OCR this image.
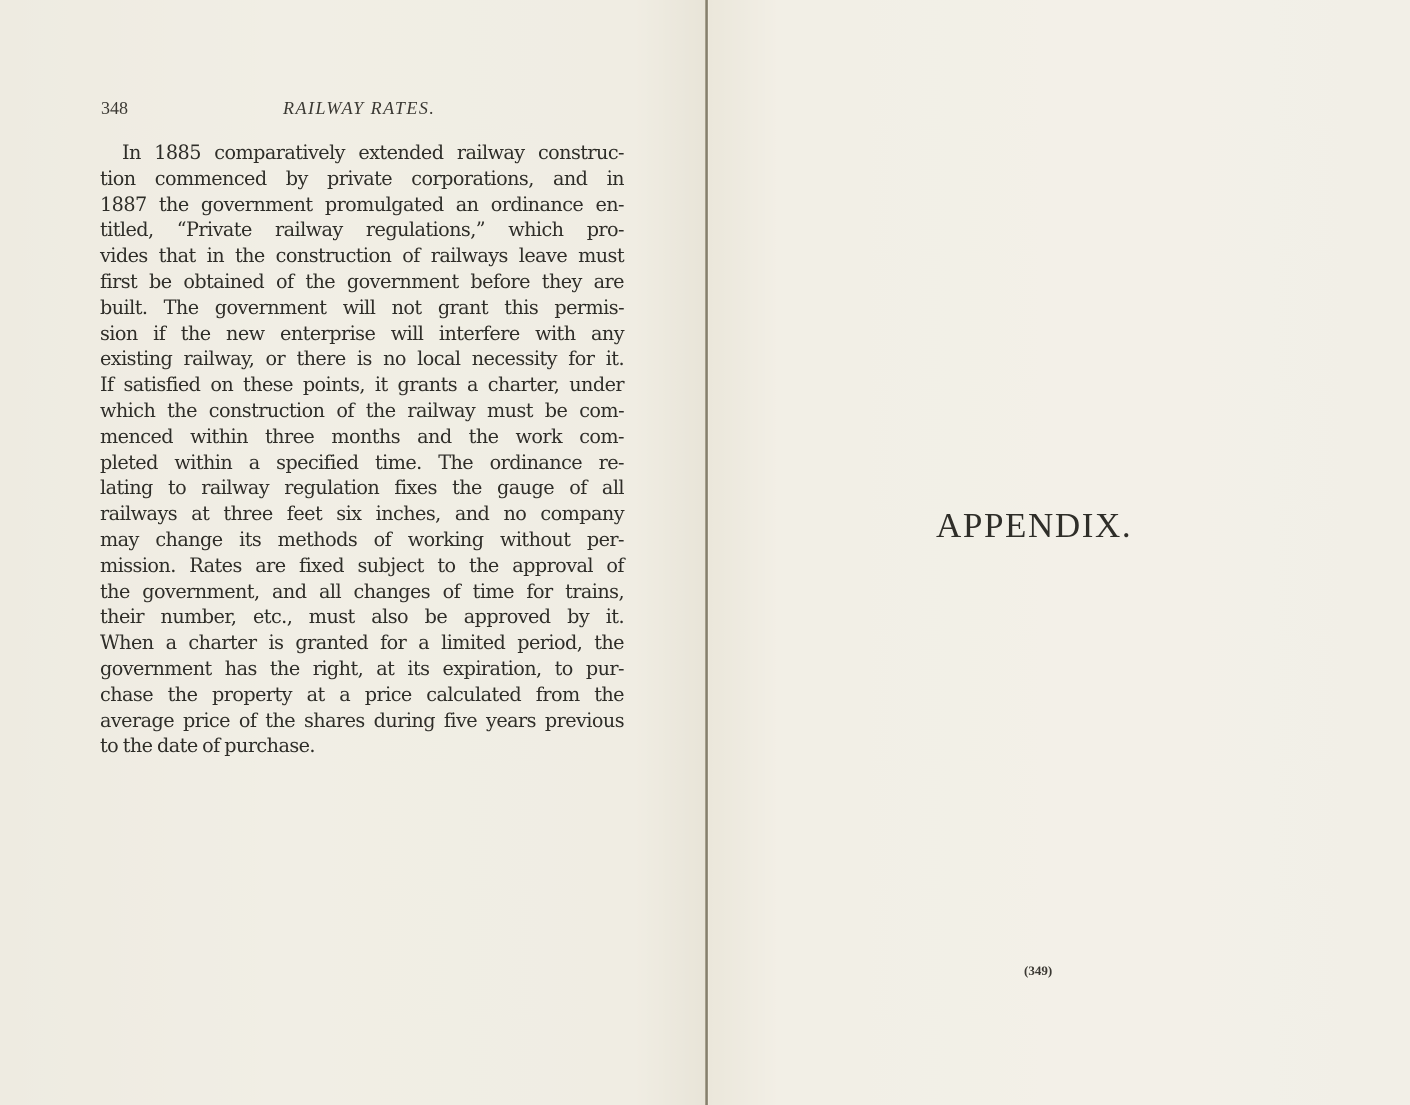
348	RAILWAY RATES.
In 1885 comparatively extended railway construc-
tion commenced by private corporations, and in
1887 the government promulgated an ordinance en-
titled, “Private railway regulations,” which pro-
vides that in the construction of railways leave must
first be obtained of the government before they are
built. The government will not grant this permis-
sion if the new enterprise will interfere with any
existing railway, or there is no local necessity for it.
If satisfied on these points, it grants a charter, under
which the construction of the railway must be com-
menced within three months and the work com-
pleted within a specified time. The ordinance re-
lating to railway regulation fixes the gauge of all
railways at three feet six inches, and no company
may change its methods of working without per-
mission. Rates are fixed subject to the approval of
the government, and all changes of time for trains,
their number, etc., must also be approved by it.
When a charter is granted for a limited period, the
government has the right, at its expiration, to pur-
chase the property at a price calculated from the
average price of the shares during five years previous
to the date of purchase.
APPENDIX.
(349)
